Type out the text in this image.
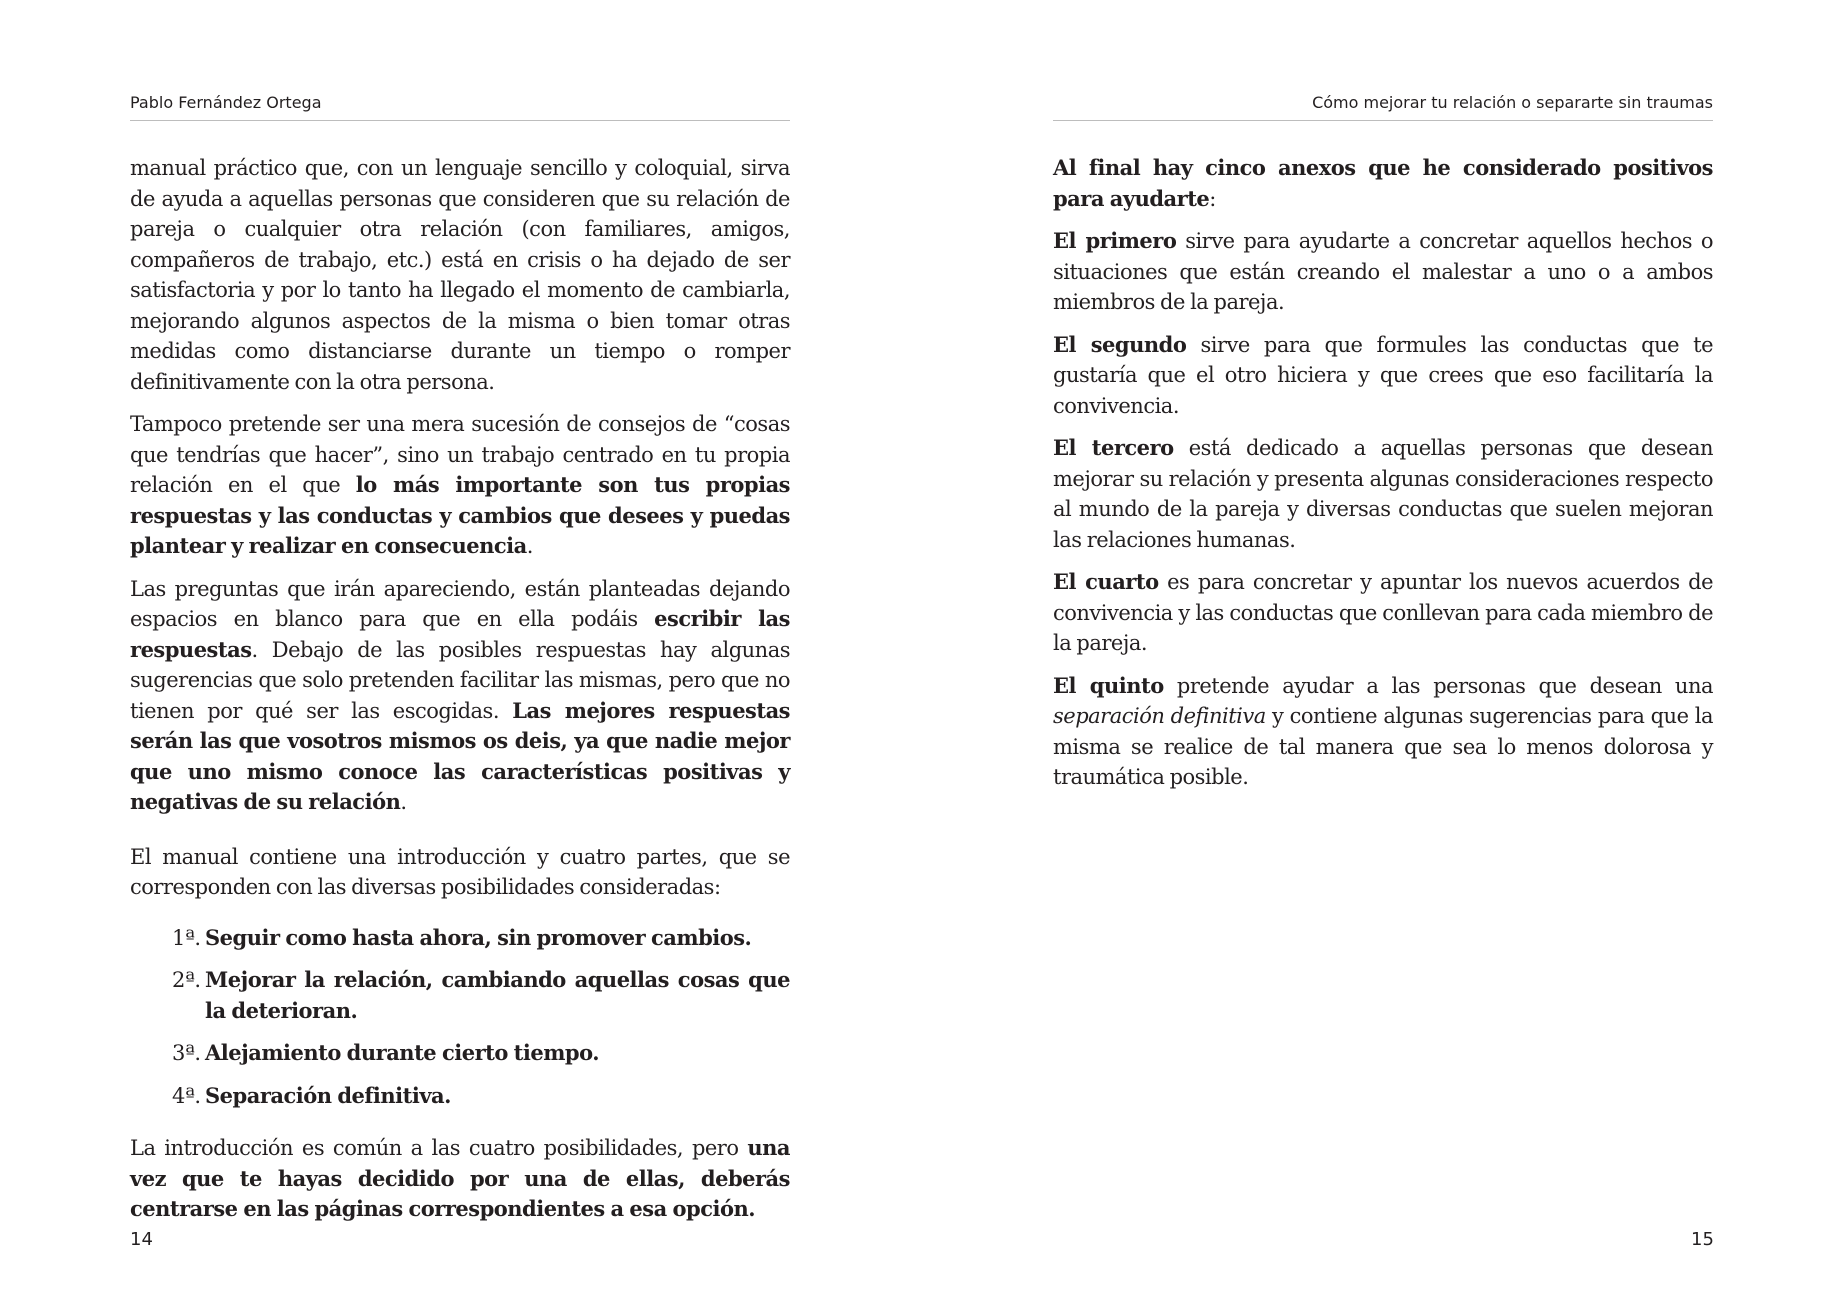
Pablo Fernández Ortega

manual práctico que, con un lenguaje sencillo y coloquial, sirva de ayuda a aquellas personas que consideren que su relación de pareja o cualquier otra relación (con familiares, amigos, compañeros de trabajo, etc.) está en crisis o ha dejado de ser satisfactoria y por lo tanto ha llegado el momento de cambiarla, mejorando algunos aspectos de la misma o bien tomar otras medidas como distanciarse durante un tiempo o romper definitivamente con la otra persona.

Tampoco pretende ser una mera sucesión de consejos de “cosas que tendrías que hacer”, sino un trabajo centrado en tu propia relación en el que lo más importante son tus propias respuestas y las conductas y cambios que desees y puedas plantear y realizar en consecuencia.

Las preguntas que irán apareciendo, están planteadas dejando espacios en blanco para que en ella podáis escribir las respuestas. Debajo de las posibles respuestas hay algunas sugerencias que solo pretenden facilitar las mismas, pero que no tienen por qué ser las escogidas. Las mejores respuestas serán las que vosotros mismos os deis, ya que nadie mejor que uno mismo conoce las características positivas y negativas de su relación.

El manual contiene una introducción y cuatro partes, que se corresponden con las diversas posibilidades consideradas:

1ª. Seguir como hasta ahora, sin promover cambios.
2ª. Mejorar la relación, cambiando aquellas cosas que la deterioran.
3ª. Alejamiento durante cierto tiempo.
4ª. Separación definitiva.

La introducción es común a las cuatro posibilidades, pero una vez que te hayas decidido por una de ellas, deberás centrarse en las páginas correspondientes a esa opción.

14
Cómo mejorar tu relación o separarte sin traumas

Al final hay cinco anexos que he considerado positivos para ayudarte:

El primero sirve para ayudarte a concretar aquellos hechos o situaciones que están creando el malestar a uno o a ambos miembros de la pareja.

El segundo sirve para que formules las conductas que te gustaría que el otro hiciera y que crees que eso facilitaría la convivencia.

El tercero está dedicado a aquellas personas que desean mejorar su relación y presenta algunas consideraciones respecto al mundo de la pareja y diversas conductas que suelen mejoran las relaciones humanas.

El cuarto es para concretar y apuntar los nuevos acuerdos de convivencia y las conductas que conllevan para cada miembro de la pareja.

El quinto pretende ayudar a las personas que desean una separación definitiva y contiene algunas sugerencias para que la misma se realice de tal manera que sea lo menos dolorosa y traumática posible.

15
